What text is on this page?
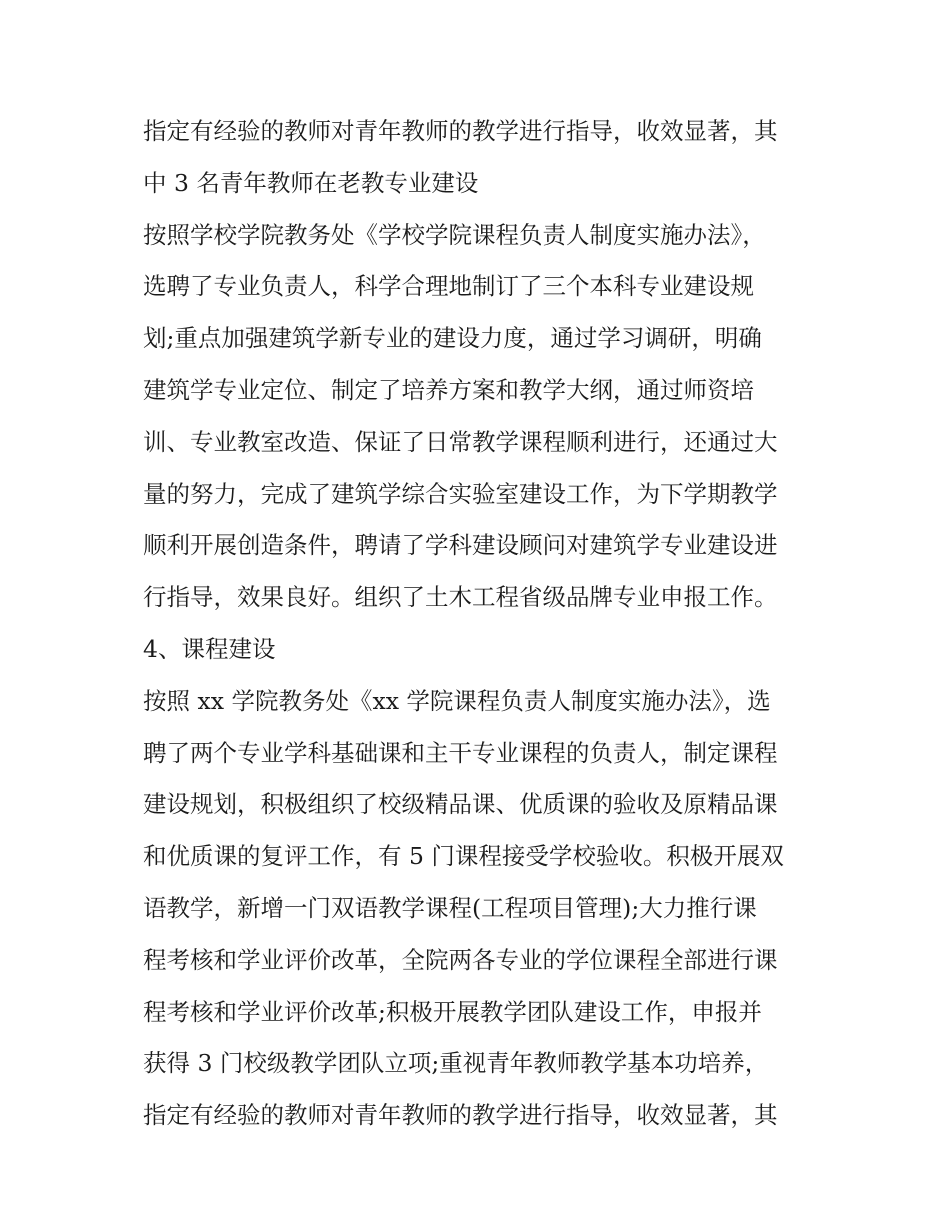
指定有经验的教师对青年教师的教学进行指导，收效显著，其
中 3 名青年教师在老教专业建设
按照学校学院教务处《学校学院课程负责人制度实施办法》，
选聘了专业负责人，科学合理地制订了三个本科专业建设规
划;重点加强建筑学新专业的建设力度，通过学习调研，明确
建筑学专业定位、制定了培养方案和教学大纲，通过师资培
训、专业教室改造、保证了日常教学课程顺利进行，还通过大
量的努力，完成了建筑学综合实验室建设工作，为下学期教学
顺利开展创造条件，聘请了学科建设顾问对建筑学专业建设进
行指导，效果良好。组织了土木工程省级品牌专业申报工作。
4、课程建设
按照 xx 学院教务处《xx 学院课程负责人制度实施办法》，选
聘了两个专业学科基础课和主干专业课程的负责人，制定课程
建设规划，积极组织了校级精品课、优质课的验收及原精品课
和优质课的复评工作，有 5 门课程接受学校验收。积极开展双
语教学，新增一门双语教学课程(工程项目管理);大力推行课
程考核和学业评价改革，全院两各专业的学位课程全部进行课
程考核和学业评价改革;积极开展教学团队建设工作，申报并
获得 3 门校级教学团队立项;重视青年教师教学基本功培养，
指定有经验的教师对青年教师的教学进行指导，收效显著，其
